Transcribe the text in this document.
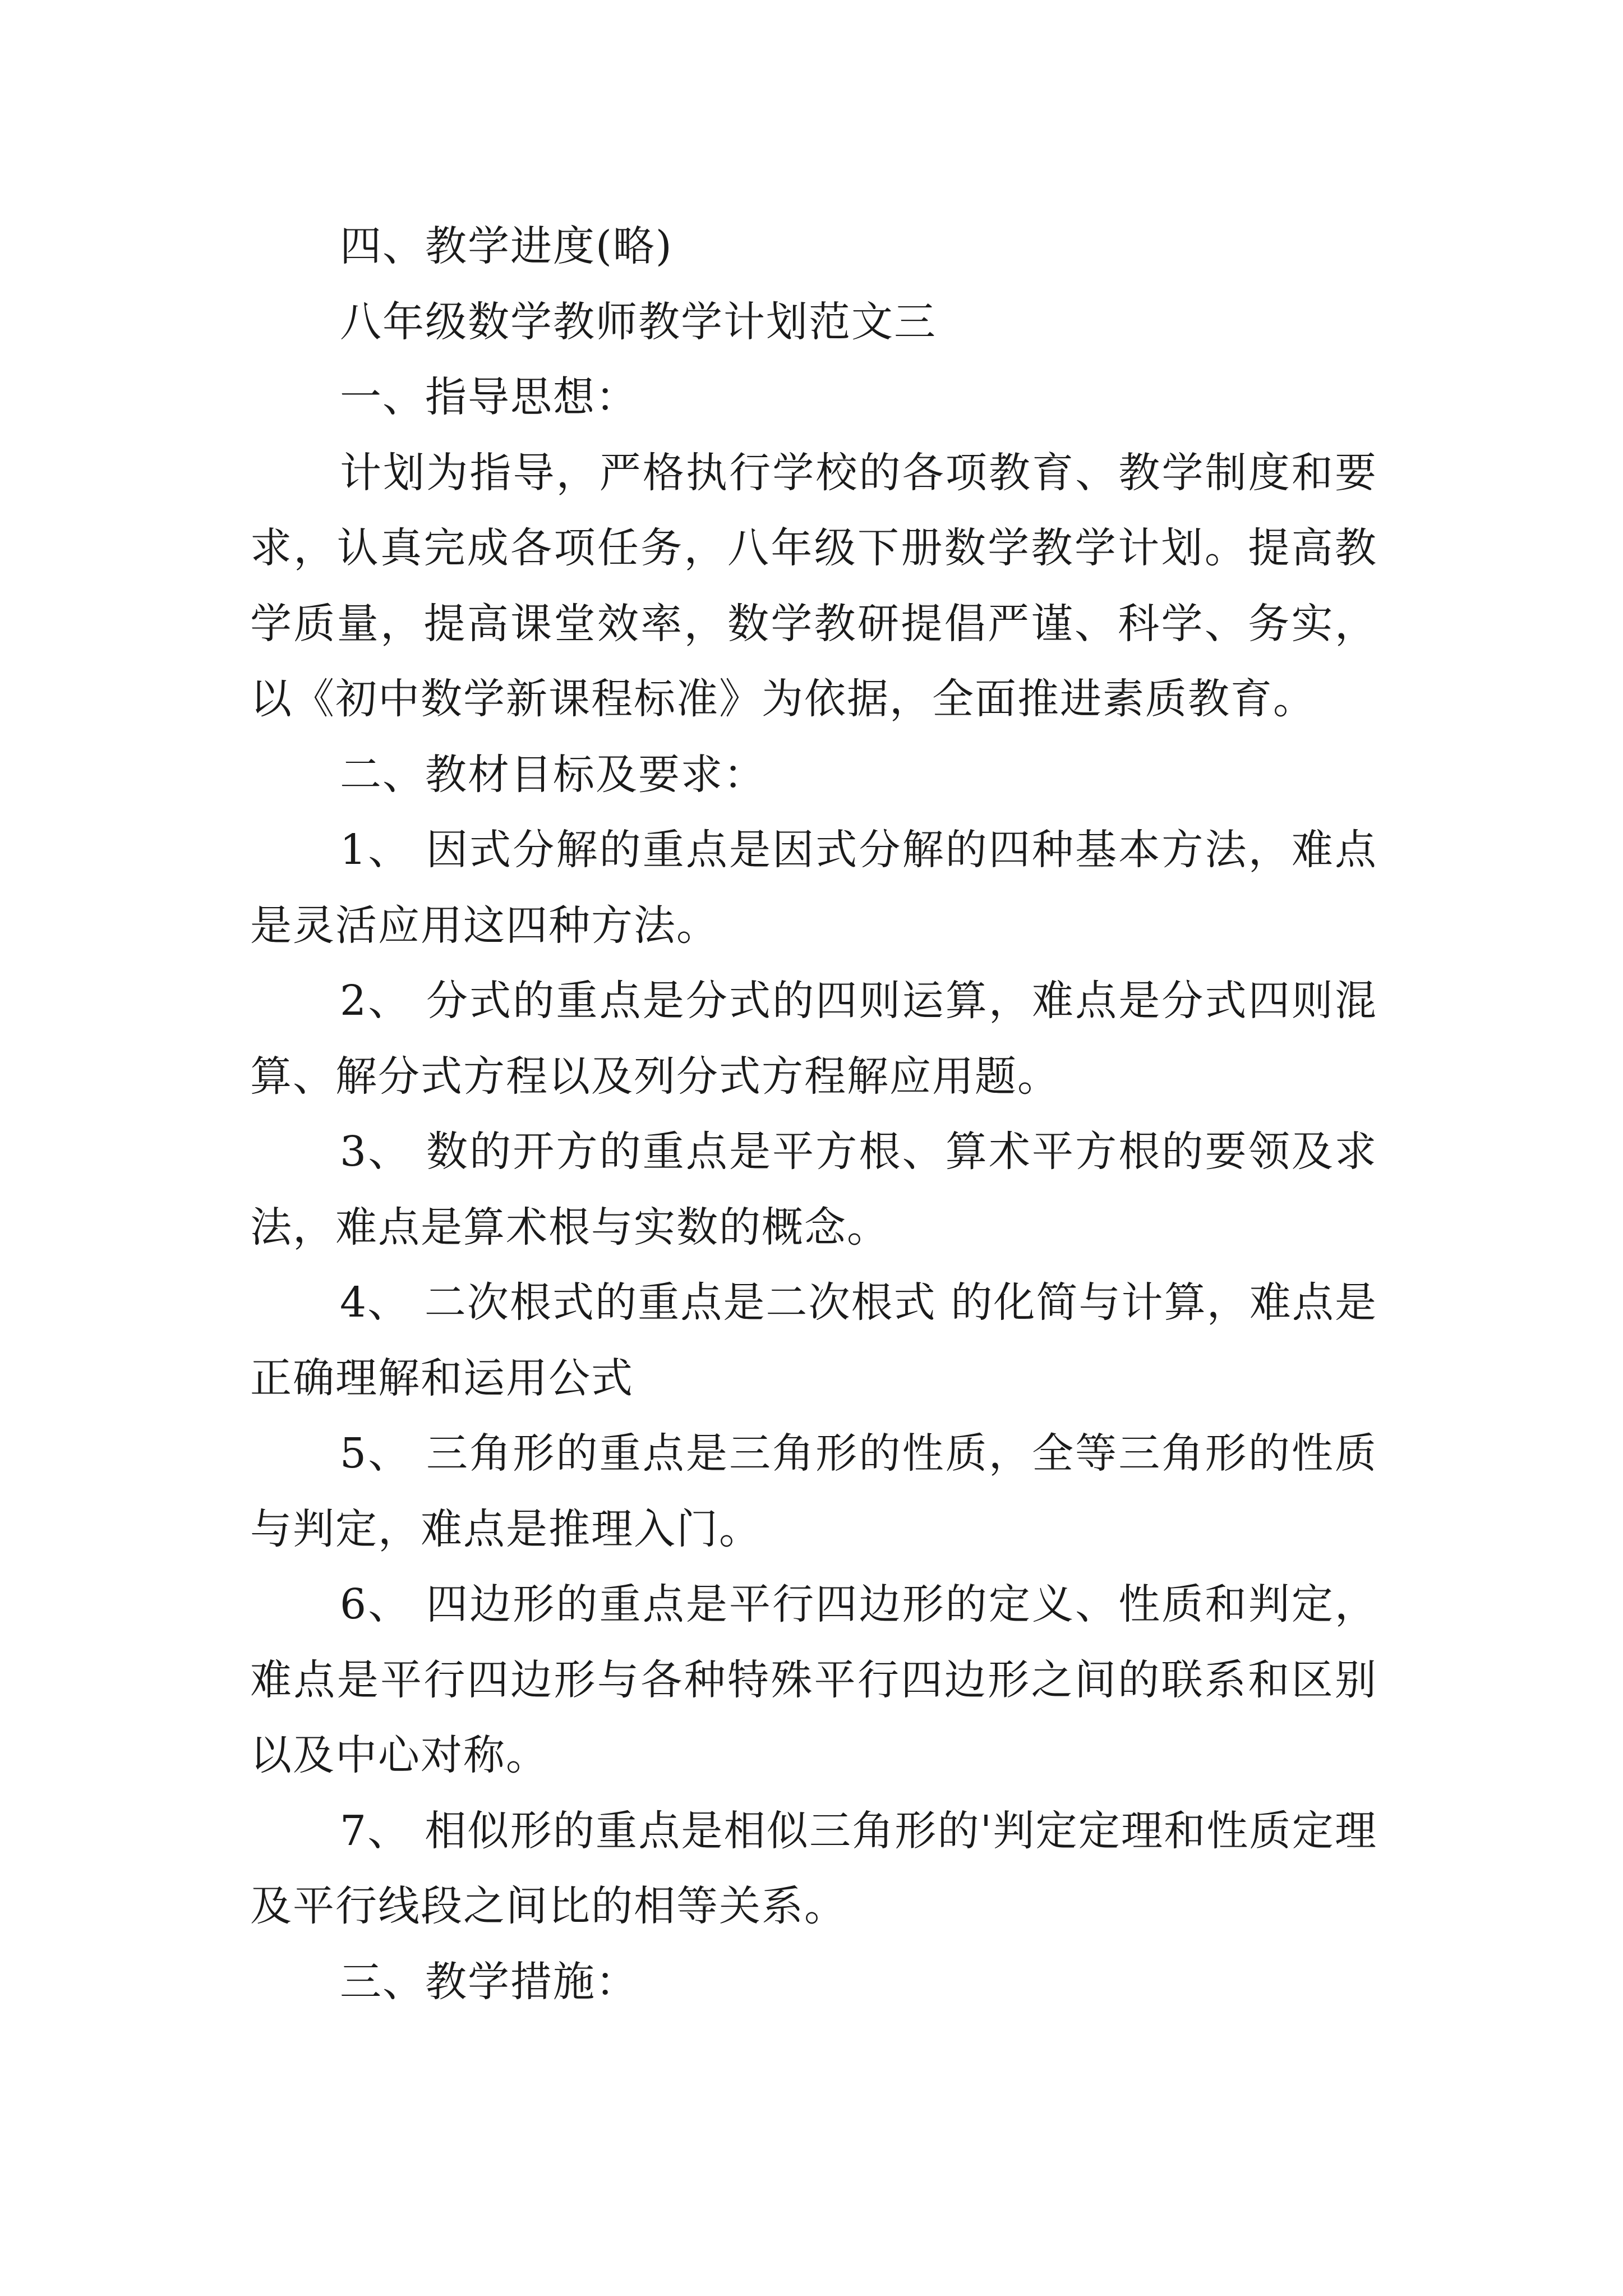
四、教学进度(略)

八年级数学教师教学计划范文三

一、指导思想：

计划为指导，严格执行学校的各项教育、教学制度和要求，认真完成各项任务，八年级下册数学教学计划。提高教学质量，提高课堂效率，数学教研提倡严谨、科学、务实，以《初中数学新课程标准》为依据，全面推进素质教育。

二、教材目标及要求：

1、 因式分解的重点是因式分解的四种基本方法，难点是灵活应用这四种方法。

2、 分式的重点是分式的四则运算，难点是分式四则混算、解分式方程以及列分式方程解应用题。

3、 数的开方的重点是平方根、算术平方根的要领及求法，难点是算术根与实数的概念。

4、 二次根式的重点是二次根式 的化简与计算，难点是正确理解和运用公式

5、 三角形的重点是三角形的性质，全等三角形的性质与判定，难点是推理入门。

6、 四边形的重点是平行四边形的定义、性质和判定，难点是平行四边形与各种特殊平行四边形之间的联系和区别以及中心对称。

7、 相似形的重点是相似三角形的'判定定理和性质定理及平行线段之间比的相等关系。

三、教学措施：
